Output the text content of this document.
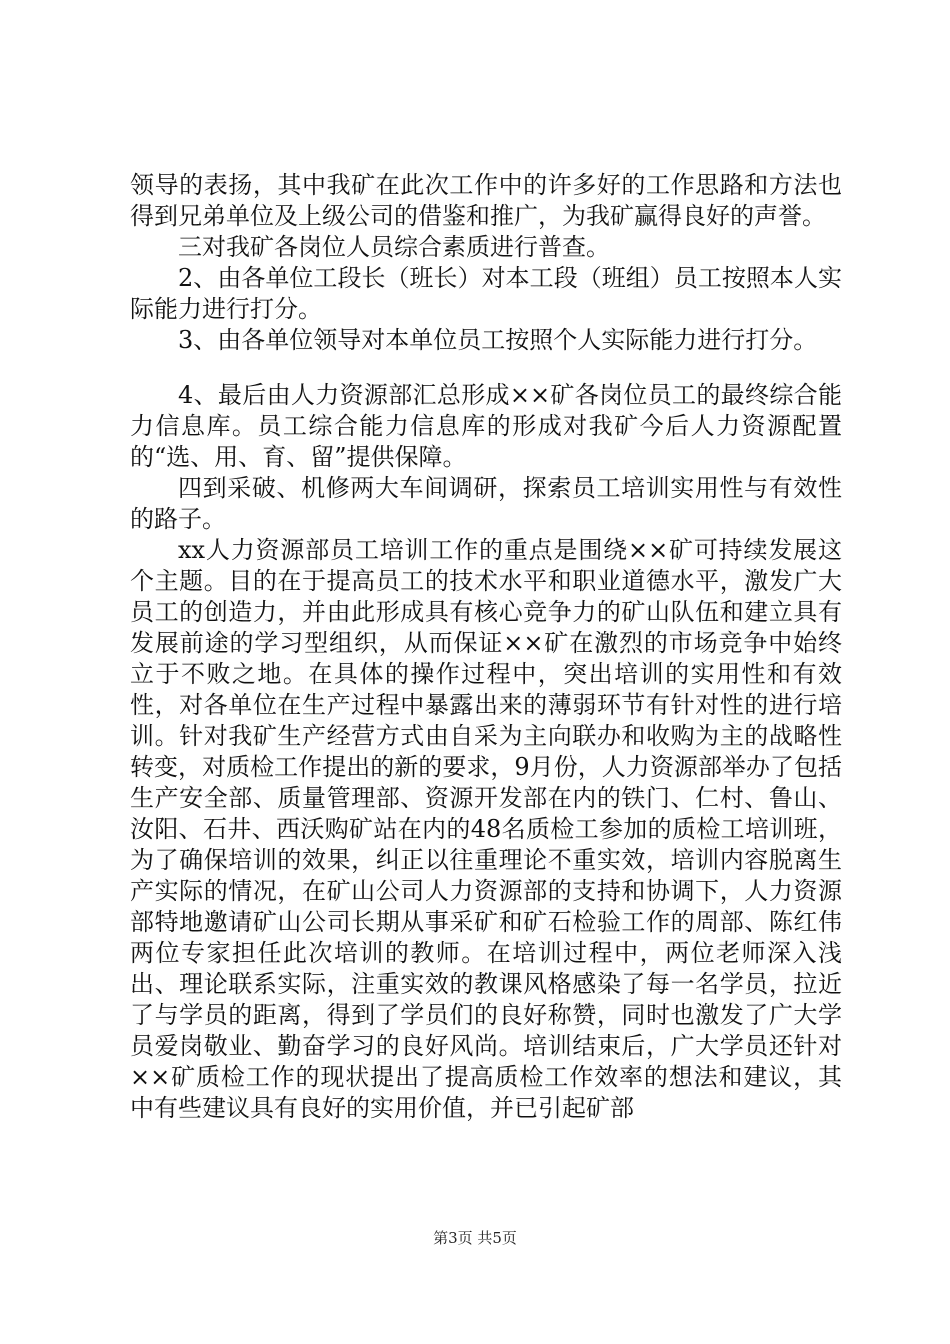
领导的表扬，其中我矿在此次工作中的许多好的工作思路和方法也得到兄弟单位及上级公司的借鉴和推广，为我矿赢得良好的声誉。

三对我矿各岗位人员综合素质进行普查。

2、由各单位工段长（班长）对本工段（班组）员工按照本人实际能力进行打分。

3、由各单位领导对本单位员工按照个人实际能力进行打分。

4、最后由人力资源部汇总形成××矿各岗位员工的最终综合能力信息库。员工综合能力信息库的形成对我矿今后人力资源配置的“选、用、育、留”提供保障。

四到采破、机修两大车间调研，探索员工培训实用性与有效性的路子。

xx人力资源部员工培训工作的重点是围绕××矿可持续发展这个主题。目的在于提高员工的技术水平和职业道德水平，激发广大员工的创造力，并由此形成具有核心竞争力的矿山队伍和建立具有发展前途的学习型组织，从而保证××矿在激烈的市场竞争中始终立于不败之地。在具体的操作过程中，突出培训的实用性和有效性，对各单位在生产过程中暴露出来的薄弱环节有针对性的进行培训。针对我矿生产经营方式由自采为主向联办和收购为主的战略性转变，对质检工作提出的新的要求，9月份，人力资源部举办了包括生产安全部、质量管理部、资源开发部在内的铁门、仁村、鲁山、汝阳、石井、西沃购矿站在内的48名质检工参加的质检工培训班，为了确保培训的效果，纠正以往重理论不重实效，培训内容脱离生产实际的情况，在矿山公司人力资源部的支持和协调下，人力资源部特地邀请矿山公司长期从事采矿和矿石检验工作的周部、陈红伟两位专家担任此次培训的教师。在培训过程中，两位老师深入浅出、理论联系实际，注重实效的教课风格感染了每一名学员，拉近了与学员的距离，得到了学员们的良好称赞，同时也激发了广大学员爱岗敬业、勤奋学习的良好风尚。培训结束后，广大学员还针对××矿质检工作的现状提出了提高质检工作效率的想法和建议，其中有些建议具有良好的实用价值，并已引起矿部

第3页 共5页
